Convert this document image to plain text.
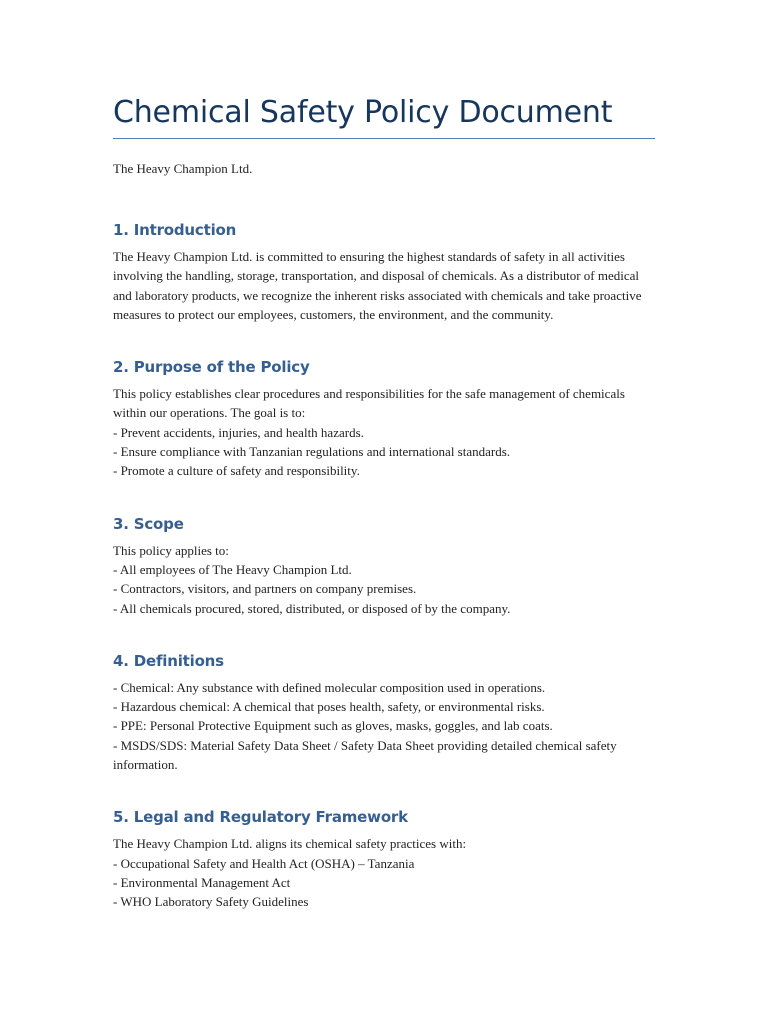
Chemical Safety Policy Document

The Heavy Champion Ltd.

1. Introduction

The Heavy Champion Ltd. is committed to ensuring the highest standards of safety in all activities involving the handling, storage, transportation, and disposal of chemicals. As a distributor of medical and laboratory products, we recognize the inherent risks associated with chemicals and take proactive measures to protect our employees, customers, the environment, and the community.

2. Purpose of the Policy

This policy establishes clear procedures and responsibilities for the safe management of chemicals within our operations. The goal is to:

- Prevent accidents, injuries, and health hazards.

- Ensure compliance with Tanzanian regulations and international standards.

- Promote a culture of safety and responsibility.

3. Scope

This policy applies to:

- All employees of The Heavy Champion Ltd.

- Contractors, visitors, and partners on company premises.

- All chemicals procured, stored, distributed, or disposed of by the company.

4. Definitions

- Chemical: Any substance with defined molecular composition used in operations.

- Hazardous chemical: A chemical that poses health, safety, or environmental risks.

- PPE: Personal Protective Equipment such as gloves, masks, goggles, and lab coats.

- MSDS/SDS: Material Safety Data Sheet / Safety Data Sheet providing detailed chemical safety information.

5. Legal and Regulatory Framework

The Heavy Champion Ltd. aligns its chemical safety practices with:

- Occupational Safety and Health Act (OSHA) – Tanzania

- Environmental Management Act

- WHO Laboratory Safety Guidelines
